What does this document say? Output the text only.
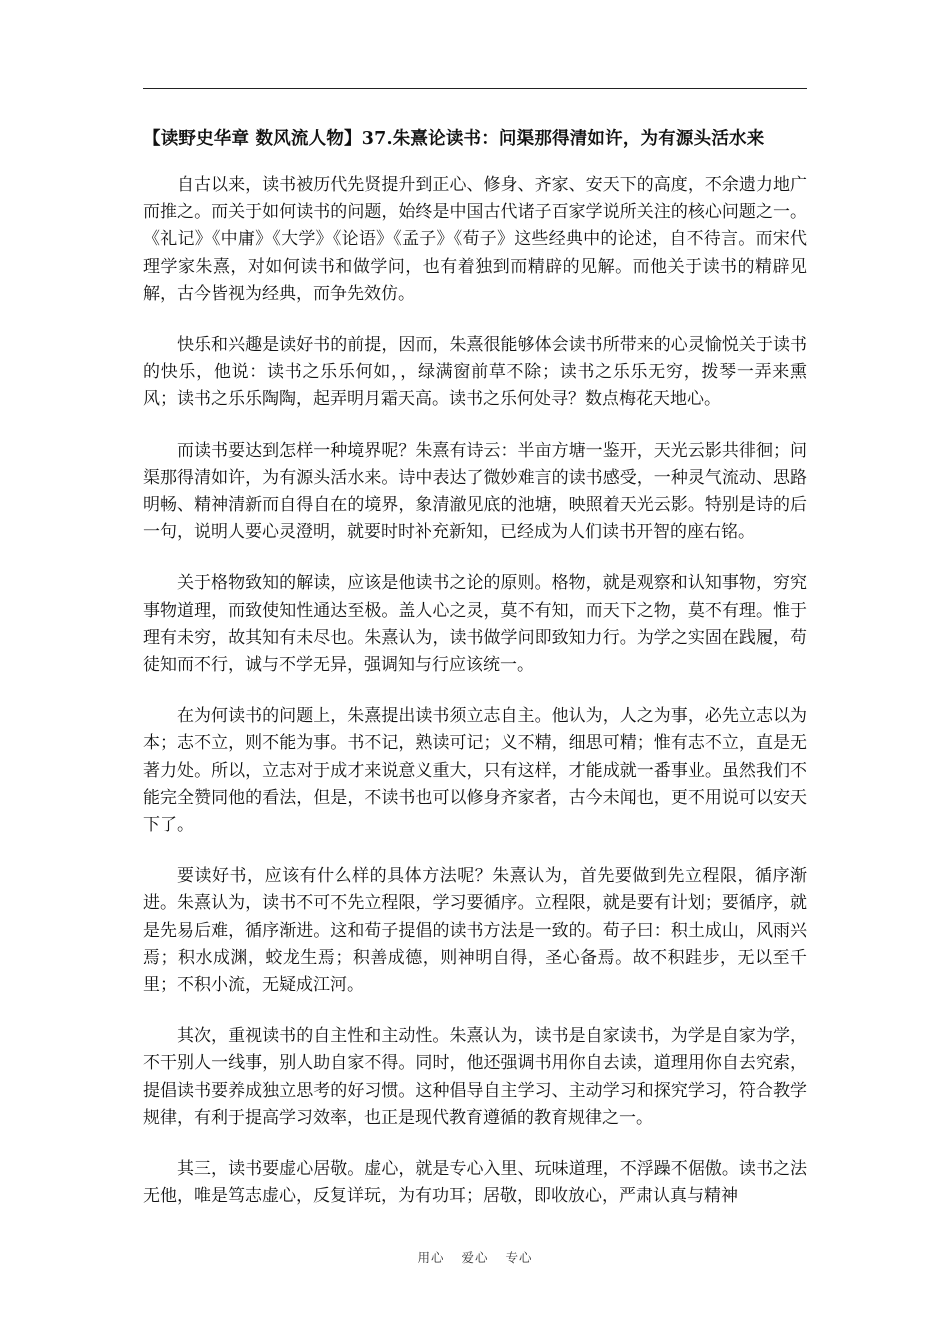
【读野史华章 数风流人物】37.朱熹论读书：问渠那得清如许，为有源头活水来

自古以来，读书被历代先贤提升到正心、修身、齐家、安天下的高度，不余遗力地广而推之。而关于如何读书的问题，始终是中国古代诸子百家学说所关注的核心问题之一。《礼记》《中庸》《大学》《论语》《孟子》《荀子》这些经典中的论述，自不待言。而宋代理学家朱熹，对如何读书和做学问，也有着独到而精辟的见解。而他关于读书的精辟见解，古今皆视为经典，而争先效仿。

快乐和兴趣是读好书的前提，因而，朱熹很能够体会读书所带来的心灵愉悦关于读书的快乐，他说：读书之乐乐何如，，绿满窗前草不除；读书之乐乐无穷，拨琴一弄来熏风；读书之乐乐陶陶，起弄明月霜天高。读书之乐何处寻？数点梅花天地心。

而读书要达到怎样一种境界呢？朱熹有诗云：半亩方塘一鉴开，天光云影共徘徊；问渠那得清如许，为有源头活水来。诗中表达了微妙难言的读书感受，一种灵气流动、思路明畅、精神清新而自得自在的境界，象清澈见底的池塘，映照着天光云影。特别是诗的后一句，说明人要心灵澄明，就要时时补充新知，已经成为人们读书开智的座右铭。

关于格物致知的解读，应该是他读书之论的原则。格物，就是观察和认知事物，穷究事物道理，而致使知性通达至极。盖人心之灵，莫不有知，而天下之物，莫不有理。惟于理有未穷，故其知有未尽也。朱熹认为，读书做学问即致知力行。为学之实固在践履，苟徒知而不行，诚与不学无异，强调知与行应该统一。

在为何读书的问题上，朱熹提出读书须立志自主。他认为，人之为事，必先立志以为本；志不立，则不能为事。书不记，熟读可记；义不精，细思可精；惟有志不立，直是无著力处。所以，立志对于成才来说意义重大，只有这样，才能成就一番事业。虽然我们不能完全赞同他的看法，但是，不读书也可以修身齐家者，古今未闻也，更不用说可以安天下了。

要读好书，应该有什么样的具体方法呢？朱熹认为，首先要做到先立程限，循序渐进。朱熹认为，读书不可不先立程限，学习要循序。立程限，就是要有计划；要循序，就是先易后难，循序渐进。这和荀子提倡的读书方法是一致的。荀子曰：积土成山，风雨兴焉；积水成渊，蛟龙生焉；积善成德，则神明自得，圣心备焉。故不积跬步，无以至千里；不积小流，无疑成江河。

其次，重视读书的自主性和主动性。朱熹认为，读书是自家读书，为学是自家为学，不干别人一线事，别人助自家不得。同时，他还强调书用你自去读，道理用你自去究索，提倡读书要养成独立思考的好习惯。这种倡导自主学习、主动学习和探究学习，符合教学规律，有利于提高学习效率，也正是现代教育遵循的教育规律之一。

其三，读书要虚心居敬。虚心，就是专心入里、玩味道理，不浮躁不倨傲。读书之法无他，唯是笃志虚心，反复详玩，为有功耳；居敬，即收放心，严肃认真与精神

用心 爱心 专心
